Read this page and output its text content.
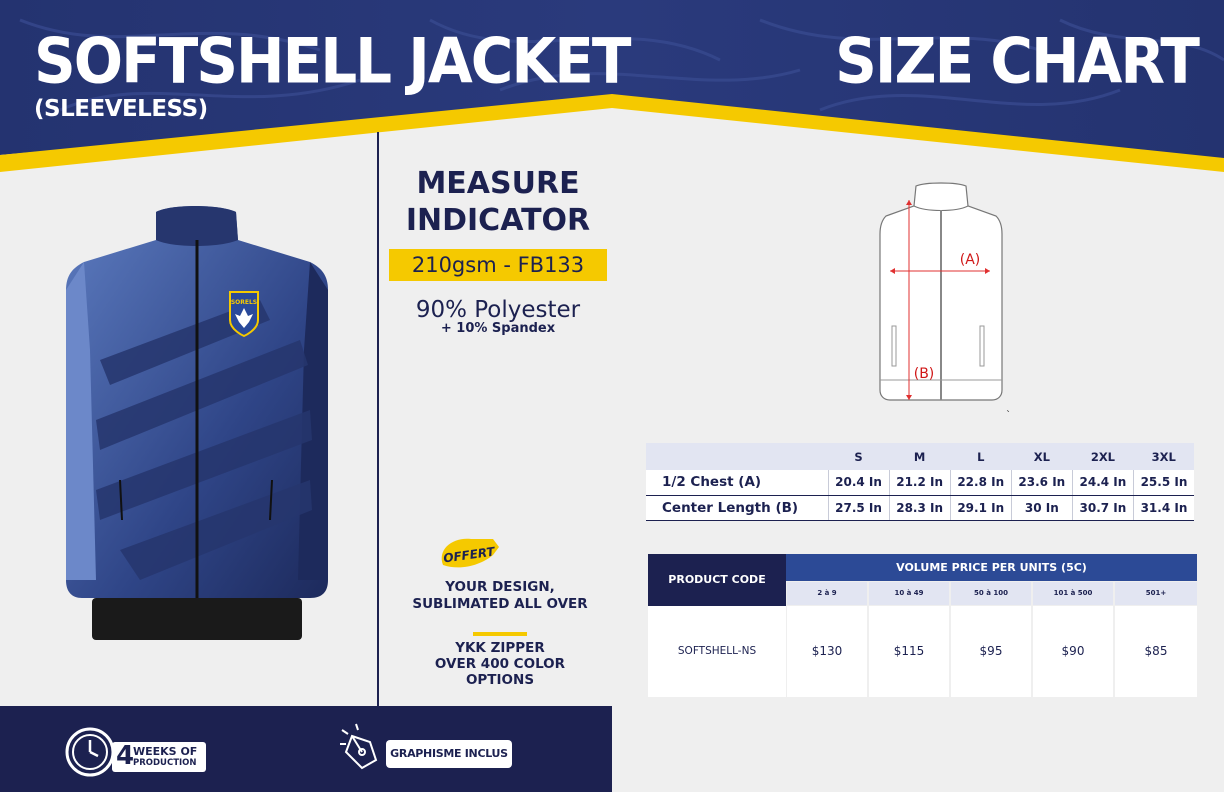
SOFTSHELL JACKET
(SLEEVELESS)
SIZE CHART
SORELS
MEASURE
INDICATOR
210gsm - FB133
90% Polyester
+ 10% Spandex
OFFERT
YOUR DESIGN,
SUBLIMATED ALL OVER
YKK ZIPPER
OVER 400 COLOR OPTIONS
4
WEEKS OF
PRODUCTION
GRAPHISME INCLUS
(A)
(B)
`
	S	M	L	XL	2XL	3XL
1/2 Chest (A)	20.4 In	21.2 In	22.8 In	23.6 In	24.4 In	25.5 In
Center Length (B)	27.5 In	28.3 In	29.1 In	30 In	30.7 In	31.4 In
PRODUCT CODE
VOLUME PRICE PER UNITS (5C)
2 à 9	10 à 49	50 à 100	101 à 500	501+
SOFTSHELL-NS	$130	$115	$95	$90	$85
